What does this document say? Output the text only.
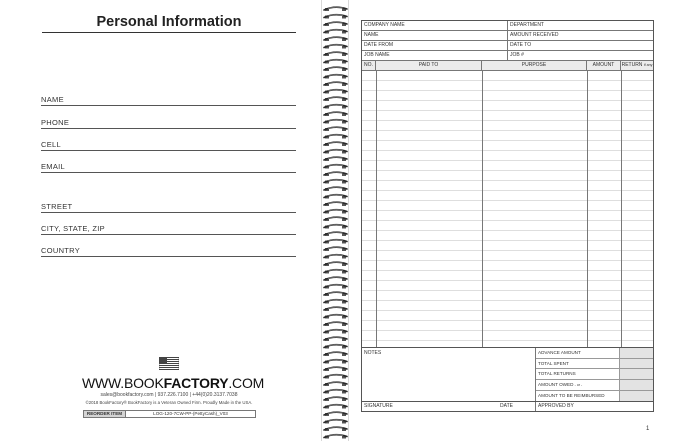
Personal Information
NAME
PHONE
CELL
EMAIL
STREET
CITY, STATE, ZIP
COUNTRY
WWW.BOOKFACTORY.COM
sales@bookfactory.com | 937.226.7100 | +44(0)20.3137.7038
©2018 BookFactory® BookFactory is a Veteran Owned Firm. Proudly Made in the USA.
REORDER ITEM	LOG-120-7CW-PP-(PettyCash)_V03
COMPANY NAME	DEPARTMENT
NAME	AMOUNT RECEIVED
DATE FROM	DATE TO
JOB NAME	JOB #
NO.	PAID TO	PURPOSE	AMOUNT	RETURN if any
NOTES	ADVANCE AMOUNT
TOTAL SPENT
TOTAL RETURNS
AMOUNT OWED - or -
AMOUNT TO BE REIMBURSED
SIGNATURE	DATE	APPROVED BY
1
